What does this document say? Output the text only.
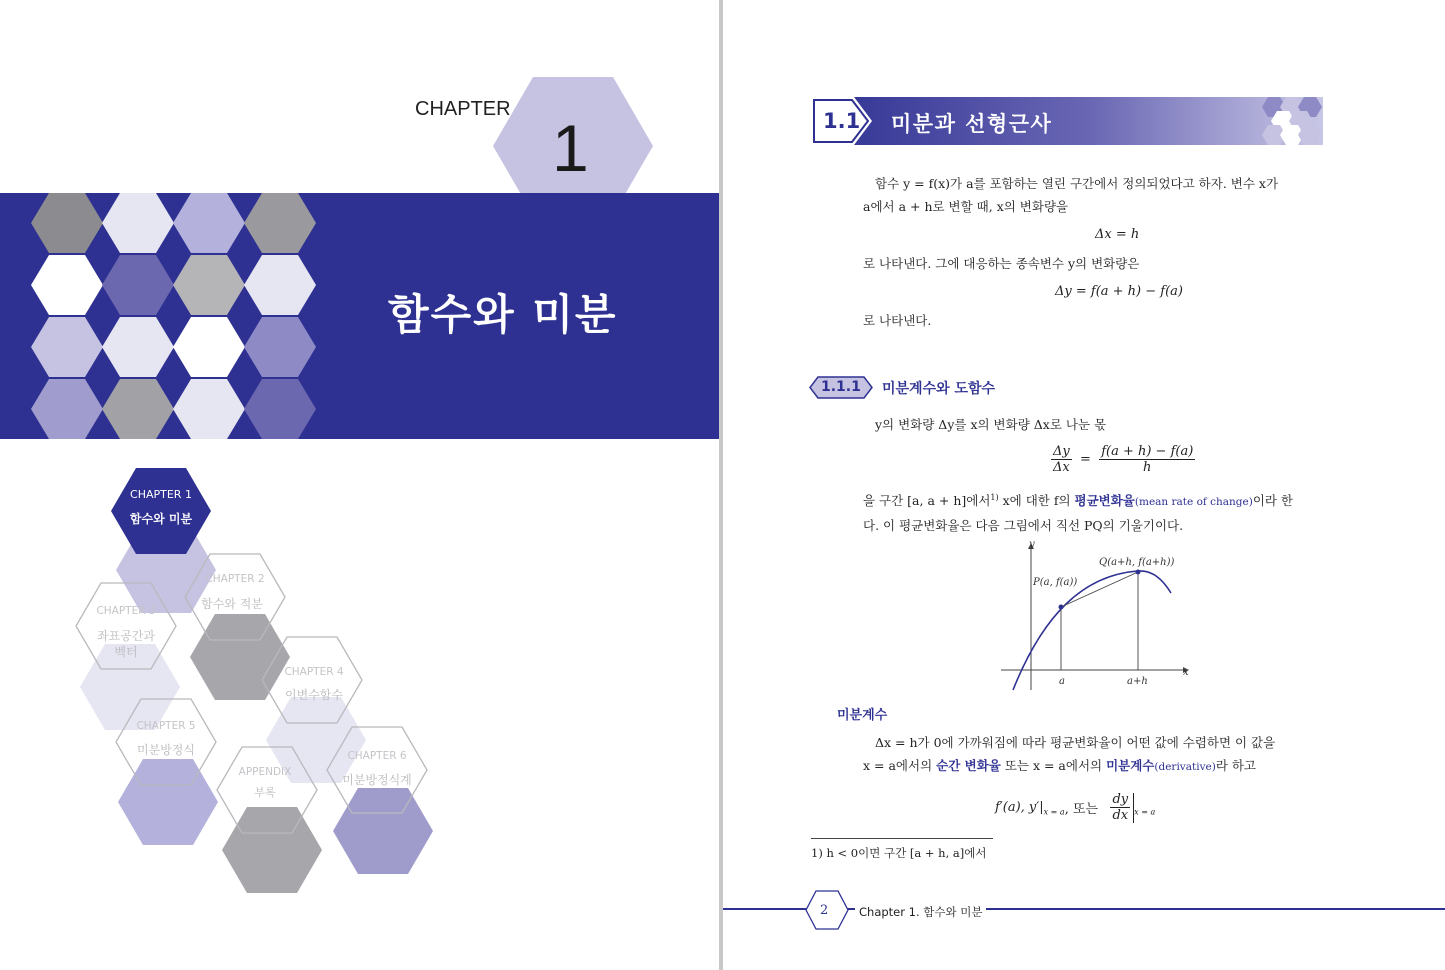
CHAPTER
1
함수와 미분
CHAPTER 1
함수와 미분
CHAPTER 2
함수와 적분
CHAPTER 3
좌표공간과
벡터
CHAPTER 4
이변수함수
CHAPTER 5
미분방정식
APPENDIX
부록
CHAPTER 6
미분방정식계
1.1 미분과 선형근사
함수 y = f(x)가 a를 포함하는 열린 구간에서 정의되었다고 하자. 변수 x가
a에서 a + h로 변할 때, x의 변화량을
Δx = h
로 나타낸다. 그에 대응하는 종속변수 y의 변화량은
Δy = f(a + h) − f(a)
로 나타낸다.
1.1.1 미분계수와 도함수
y의 변화량 Δy를 x의 변화량 Δx로 나눈 몫
$\frac{\Delta y}{\Delta x} = \frac{f(a + h) - f(a)}{h}$
을 구간 [a, a + h]에서$^{1)}$ x에 대한 f의 평균변화율(mean rate of change)이라 한
다. 이 평균변화율은 다음 그림에서 직선 PQ의 기울기이다.
y
x
P(a, f(a))
Q(a+h, f(a+h))
a	a+h
미분계수
Δx = h가 0에 가까워짐에 따라 평균변화율이 어떤 값에 수렴하면 이 값을
x = a에서의 순간 변화율 또는 x = a에서의 미분계수(derivative)라 하고
f′(a), $y'|_{x = a}$, 또는 $\frac{dy}{dx} _{x = a}$
1) h < 0이면 구간 [a + h, a]에서
2	Chapter 1. 함수와 미분
